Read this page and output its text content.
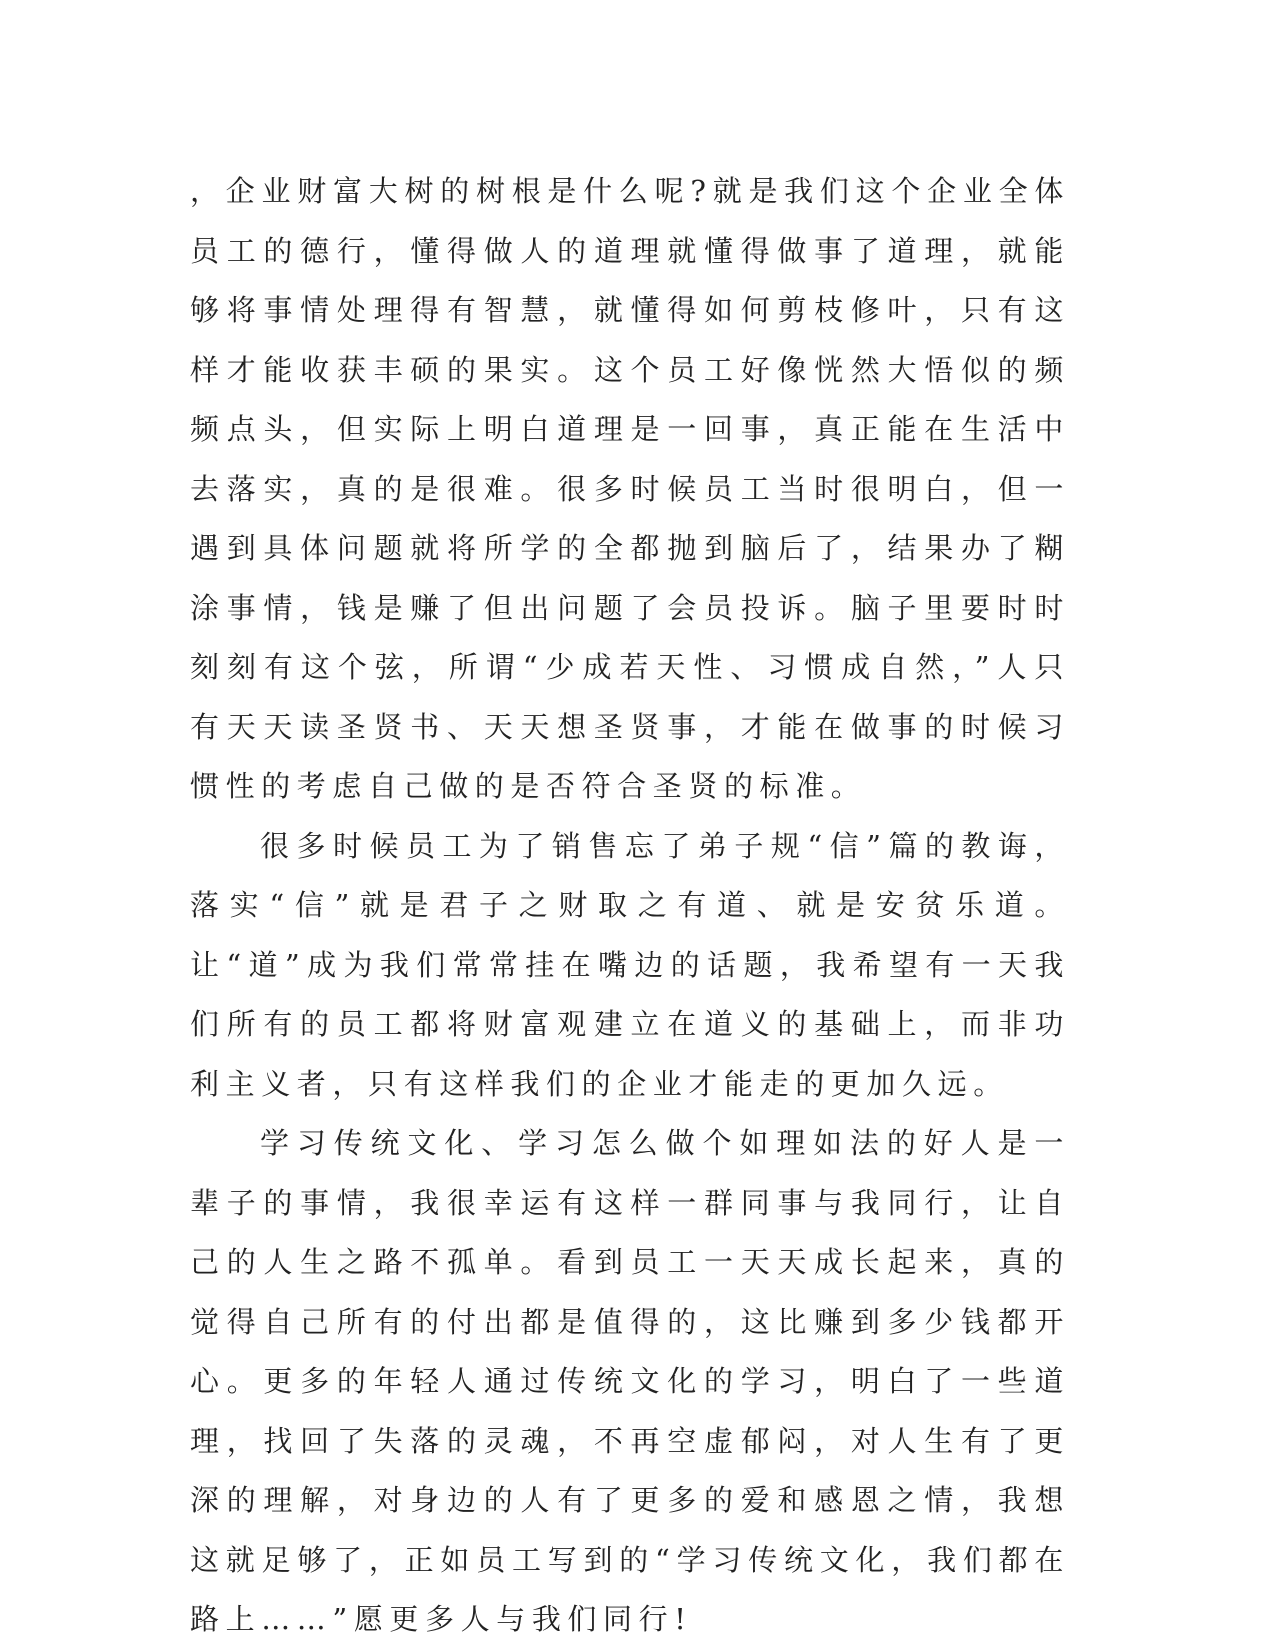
，企业财富大树的树根是什么呢?就是我们这个企业全体员工的德行，懂得做人的道理就懂得做事了道理，就能够将事情处理得有智慧，就懂得如何剪枝修叶，只有这样才能收获丰硕的果实。这个员工好像恍然大悟似的频频点头，但实际上明白道理是一回事，真正能在生活中去落实，真的是很难。很多时候员工当时很明白，但一遇到具体问题就将所学的全都抛到脑后了，结果办了糊涂事情，钱是赚了但出问题了会员投诉。脑子里要时时刻刻有这个弦，所谓“少成若天性、习惯成自然，”人只有天天读圣贤书、天天想圣贤事，才能在做事的时候习惯性的考虑自己做的是否符合圣贤的标准。

很多时候员工为了销售忘了弟子规“信”篇的教诲，落实“信”就是君子之财取之有道、就是安贫乐道。让“道”成为我们常常挂在嘴边的话题，我希望有一天我们所有的员工都将财富观建立在道义的基础上，而非功利主义者，只有这样我们的企业才能走的更加久远。

学习传统文化、学习怎么做个如理如法的好人是一辈子的事情，我很幸运有这样一群同事与我同行，让自己的人生之路不孤单。看到员工一天天成长起来，真的觉得自己所有的付出都是值得的，这比赚到多少钱都开心。更多的年轻人通过传统文化的学习，明白了一些道理，找回了失落的灵魂，不再空虚郁闷，对人生有了更深的理解，对身边的人有了更多的爱和感恩之情，我想这就足够了，正如员工写到的“学习传统文化，我们都在路上……”愿更多人与我们同行!
